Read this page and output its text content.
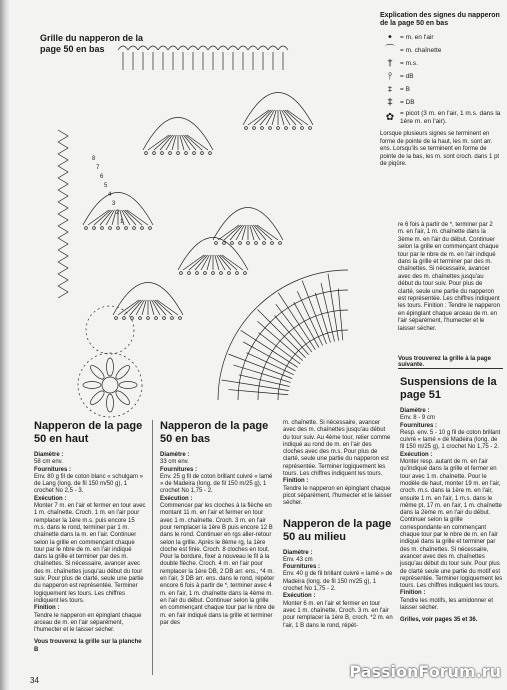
Grille du napperon de la page 50 en bas
8
7
6
5
4
3
2
1
Explication des signes du napperon de la page 50 en bas
•	= m. en l'air
⌒ = m. chaînette
†	= m.s.
⫯	= dB
⧧	= B
‡	= DB
✿ = picot (3 m. en l'air, 1 m.s. dans la 1ère m. en l'air).
Lorsque plusieurs signes se terminent en forme de pointe de la haut, les m. sont arr. ens. Lorsqu'ils se terminent en forme de pointe de la bas, les m. sont croch. dans 1 pt de piqûre.
re 6 fois à partir de *, terminer par 2 m. en l'air, 1 m. chaînette dans la 3ème m. en l'air du début. Continuer selon la grille en commençant chaque tour par le nbre de m. en l'air indiqué dans la grille et terminer par des m. chaînettes. Si nécessaire, avancer avec des m. chaînettes jusqu'au début du tour suiv. Pour plus de clarté, seule une partie du napperon est représentée. Les chiffres indiquent les tours. Finition : Tendre le napperon en épinglant chaque arceau de m. en l'air séparément, l'humecter et le laisser sécher.
Vous trouverez la grille à la page suivante.
Napperon de la page 50 en haut
Diamètre :
58 cm env.
Fournitures :
Env. 80 g fil de coton blanc « schulgam » de Lang (long. de fil 150 m/50 g), 1 crochet No 2,5 - 3.
Exécution :
Monter 7 m. en l'air et fermer en tour avec 1 m. chaînette. Croch. 1 m. en l'air pour remplacer la 1ère m.s. puis encore 15 m.s. dans le rond, terminer par 1 m. chaînette dans la m. en l'air. Continuer selon la grille en commençant chaque tour par le nbre de m. en l'air indiqué dans la grille et terminer par des m. chaînettes. Si nécessaire, avancer avec des m. chaînettes jusqu'au début du tour suiv. Pour plus de clarté, seule une partie du napperon est représentée. Terminer logiquement les tours. Les chiffres indiquent les tours.
Finition :
Tendre le napperon en épinglant chaque arceau de m. en l'air séparément, l'humecter et le laisser sécher.
Vous trouverez la grille sur la planche B
Napperon de la page 50 en bas
Diamètre :
33 cm env.
Fournitures :
Env. 25 g fil de coton brillant cuivré « lamé » de Madeira (long. de fil 150 m/25 g), 1 crochet No 1,75 - 2.
Exécution :
Commencer par les cloches à la flèche en montant 11 m. en l'air et fermer en tour avec 1 m. chaînette. Croch. 3 m. en l'air pour remplacer la 1ère B puis encore 12 B dans le rond. Continuer en rgs aller-retour selon la grille. Après le 8ème rg, la 1ère cloche est finie. Croch. 8 cloches en tout. Pour la bordure, fixer à nouveau le fil à la double flèche. Croch. 4 m. en l'air pour remplacer la 1ère DB, 2 DB arr. ens., *4 m. en l'air, 3 DB arr. ens. dans le rond, répéter encore 6 fois à partir de *, terminer avec 4 m. en l'air, 1 m. chaînette dans la 4ème m. en l'air du début. Continuer selon la grille en commençant chaque tour par le nbre de m. en l'air indiqué dans la grille et terminer par des
m. chaînette. Si nécessaire, avancer avec des m. chaînettes jusqu'au début du tour suiv. Au 4ème tour, relier comme indiqué au rond de m. en l'air des cloches avec des m.s. Pour plus de clarté, seule une partie du napperon est représentée. Terminer logiquement les tours. Les chiffres indiquent les tours.
Finition :
Tendre le napperon en épinglant chaque picot séparément, l'humecter et le laisser sécher.
Napperon de la page 50 au milieu
Diamètre :
Env. 43 cm
Fournitures :
Env. 40 g de fil brillant cuivré « lamé » de Madeira (long. de fil 150 m/25 g), 1 crochet No 1,75 - 2.
Exécution :
Monter 6 m. en l'air et fermer en tour avec 1 m. chaînette. Croch. 3 m. en l'air pour remplacer la 1ère B, croch. *2 m. en l'air, 1 B dans le rond, répét-
Suspensions de la page 51
Diamètre :
Env. 8 - 9 cm
Fournitures :
Resp. env. 5 - 10 g fil de coton brillant cuivré « lamé » de Madeira (long. de fil 150 m/25 g), 1 crochet No 1,75 - 2.
Exécution :
Monter resp. autant de m. en l'air qu'indiqué dans la grille et fermer en tour avec 1 m. chaînette. Pour le modèle de haut, monter 19 m. en l'air, croch. m.s. dans la 1ère m. en l'air, ensuite 1 m. en l'air, 1 m.s. dans le même pt, 17 m. en l'air, 1 m. chaînette dans la 2ème m. en l'air du début. Continuer selon la grille correspondante en commençant chaque tour par le nbre de m. en l'air indiqué dans la grille et terminer par des m. chaînettes. Si nécessaire, avancer avec des m. chaînettes jusqu'au début du tour suiv. Pour plus de clarté seule une partie du motif est représentée. Terminer logiquement les tours. Les chiffres indiquent les tours.
Finition :
Tendre les motifs, les amidonner et laisser sécher.
Grilles, voir pages 35 et 36.
34	PassionForum.ru
